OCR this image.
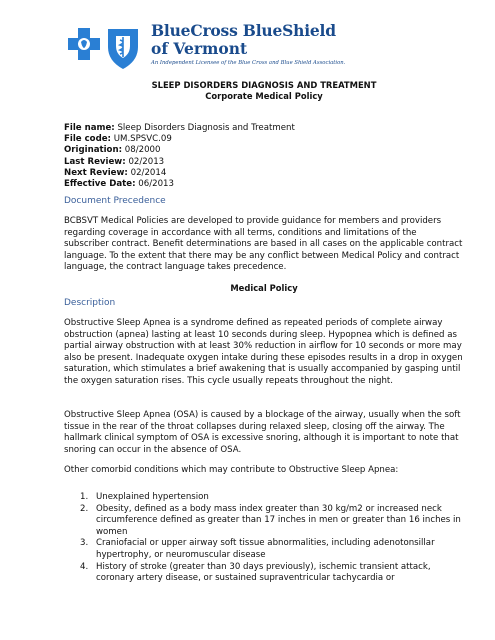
BlueCross BlueShield
of Vermont
An Independent Licensee of the Blue Cross and Blue Shield Association.
SLEEP DISORDERS DIAGNOSIS AND TREATMENT
Corporate Medical Policy
File name: Sleep Disorders Diagnosis and Treatment
File code: UM.SPSVC.09
Origination: 08/2000
Last Review: 02/2013
Next Review: 02/2014
Effective Date: 06/2013
Document Precedence

BCBSVT Medical Policies are developed to provide guidance for members and providers regarding coverage in accordance with all terms, conditions and limitations of the subscriber contract. Benefit determinations are based in all cases on the applicable contract language. To the extent that there may be any conflict between Medical Policy and contract language, the contract language takes precedence.

Medical Policy
Description

Obstructive Sleep Apnea is a syndrome defined as repeated periods of complete airway obstruction (apnea) lasting at least 10 seconds during sleep. Hypopnea which is defined as partial airway obstruction with at least 30% reduction in airflow for 10 seconds or more may also be present. Inadequate oxygen intake during these episodes results in a drop in oxygen saturation, which stimulates a brief awakening that is usually accompanied by gasping until the oxygen saturation rises. This cycle usually repeats throughout the night.

Obstructive Sleep Apnea (OSA) is caused by a blockage of the airway, usually when the soft tissue in the rear of the throat collapses during relaxed sleep, closing off the airway. The hallmark clinical symptom of OSA is excessive snoring, although it is important to note that snoring can occur in the absence of OSA.

Other comorbid conditions which may contribute to Obstructive Sleep Apnea:

1. Unexplained hypertension
2. Obesity, defined as a body mass index greater than 30 kg/m2 or increased neck circumference defined as greater than 17 inches in men or greater than 16 inches in women
3. Craniofacial or upper airway soft tissue abnormalities, including adenotonsillar hypertrophy, or neuromuscular disease
4. History of stroke (greater than 30 days previously), ischemic transient attack, coronary artery disease, or sustained supraventricular tachycardia or
